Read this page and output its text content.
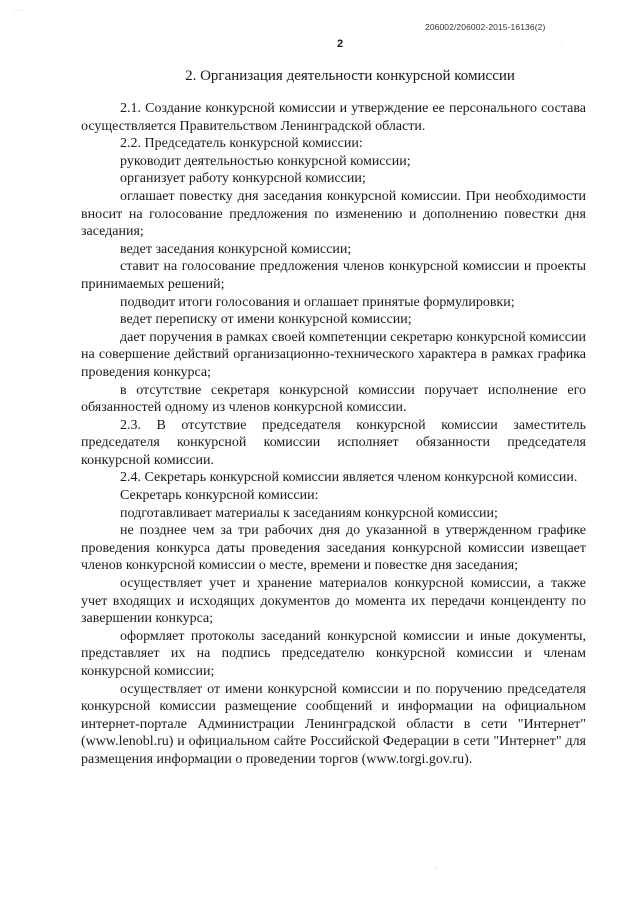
206002/206002-2015-16136(2)
2
2. Организация деятельности конкурсной комиссии

2.1. Создание конкурсной комиссии и утверждение ее персонального состава осуществляется Правительством Ленинградской области.

2.2. Председатель конкурсной комиссии:

руководит деятельностью конкурсной комиссии;

организует работу конкурсной комиссии;

оглашает повестку дня заседания конкурсной комиссии. При необходимости вносит на голосование предложения по изменению и дополнению повестки дня заседания;

ведет заседания конкурсной комиссии;

ставит на голосование предложения членов конкурсной комиссии и проекты принимаемых решений;

подводит итоги голосования и оглашает принятые формулировки;

ведет переписку от имени конкурсной комиссии;

дает поручения в рамках своей компетенции секретарю конкурсной комиссии на совершение действий организационно-технического характера в рамках графика проведения конкурса;

в отсутствие секретаря конкурсной комиссии поручает исполнение его обязанностей одному из членов конкурсной комиссии.

2.3. В отсутствие председателя конкурсной комиссии заместитель председателя конкурсной комиссии исполняет обязанности председателя конкурсной комиссии.

2.4. Секретарь конкурсной комиссии является членом конкурсной комиссии.

Секретарь конкурсной комиссии:

подготавливает материалы к заседаниям конкурсной комиссии;

не позднее чем за три рабочих дня до указанной в утвержденном графике проведения конкурса даты проведения заседания конкурсной комиссии извещает членов конкурсной комиссии о месте, времени и повестке дня заседания;

осуществляет учет и хранение материалов конкурсной комиссии, а также учет входящих и исходящих документов до момента их передачи конценденту по завершении конкурса;

оформляет протоколы заседаний конкурсной комиссии и иные документы, представляет их на подпись председателю конкурсной комиссии и членам конкурсной комиссии;

осуществляет от имени конкурсной комиссии и по поручению председателя конкурсной комиссии размещение сообщений и информации на официальном интернет-портале Администрации Ленинградской области в сети "Интернет" (www.lenobl.ru) и официальном сайте Российской Федерации в сети "Интернет" для размещения информации о проведении торгов (www.torgi.gov.ru).

· · ·
·
⁄
